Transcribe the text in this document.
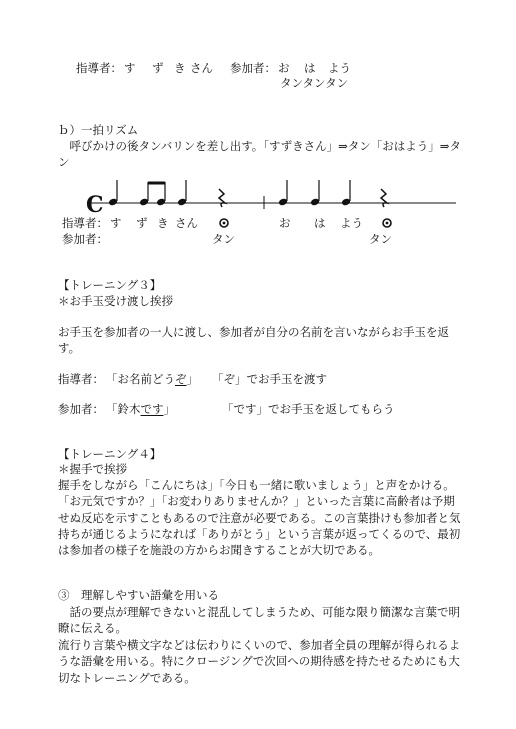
指導者： す ず き さん 参加者： お は よう
タンタンタン
ｂ）一拍リズム
　呼びかけの後タンバリンを差し出す。「すずきさん」⇒タン「おはよう」⇒タン
C
指導者： す ず き さん	お は よう
参加者：	タン	タン
【トレーニング３】
＊お手玉受け渡し挨拶
お手玉を参加者の一人に渡し、参加者が自分の名前を言いながらお手玉を返す。
指導者： 「お名前どうぞ」 「ぞ」でお手玉を渡す
参加者： 「鈴木です」	「です」でお手玉を返してもらう
【トレーニング４】
＊握手で挨拶
握手をしながら「こんにちは」「今日も一緒に歌いましょう」と声をかける。「お元気ですか？」「お変わりありませんか？」といった言葉に高齢者は予期せぬ反応を示すこともあるので注意が必要である。この言葉掛けも参加者と気持ちが通じるようになれば「ありがとう」という言葉が返ってくるので、最初は参加者の様子を施設の方からお聞きすることが大切である。
③　理解しやすい語彙を用いる
　話の要点が理解できないと混乱してしまうため、可能な限り簡潔な言葉で明瞭に伝える。
流行り言葉や横文字などは伝わりにくいので、参加者全員の理解が得られるような語彙を用いる。特にクロージングで次回への期待感を持たせるためにも大切なトレーニングである。
